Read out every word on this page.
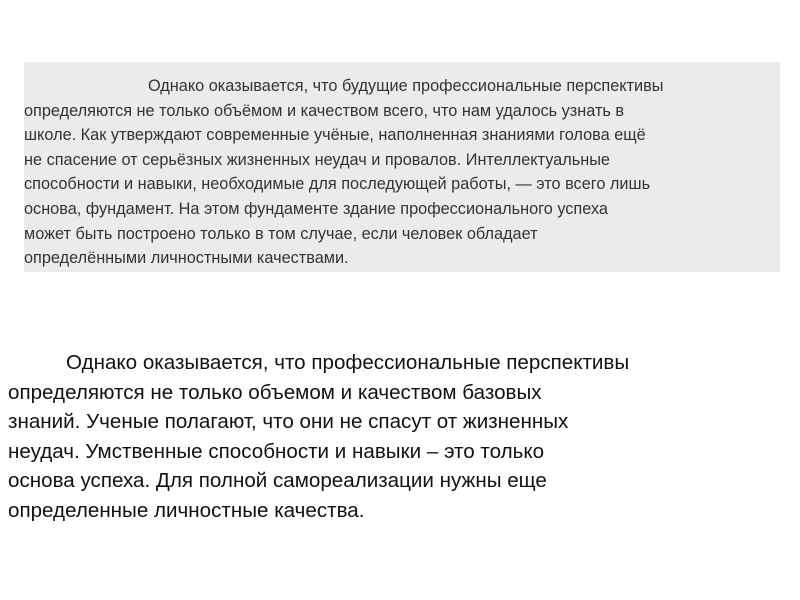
Однако оказывается, что будущие профессиональные перспективы
определяются не только объёмом и качеством всего, что нам удалось узнать в
школе. Как утверждают современные учёные, наполненная знаниями голова ещё
не спасение от серьёзных жизненных неудач и провалов. Интеллектуальные
способности и навыки, необходимые для последующей работы, — это всего лишь
основа, фундамент. На этом фундаменте здание профессионального успеха
может быть построено только в том случае, если человек обладает
определёнными личностными качествами.

Однако оказывается, что профессиональные перспективы
определяются не только объемом и качеством базовых
знаний. Ученые полагают, что они не спасут от жизненных
неудач. Умственные способности и навыки – это только
основа успеха. Для полной самореализации нужны еще
определенные личностные качества.
